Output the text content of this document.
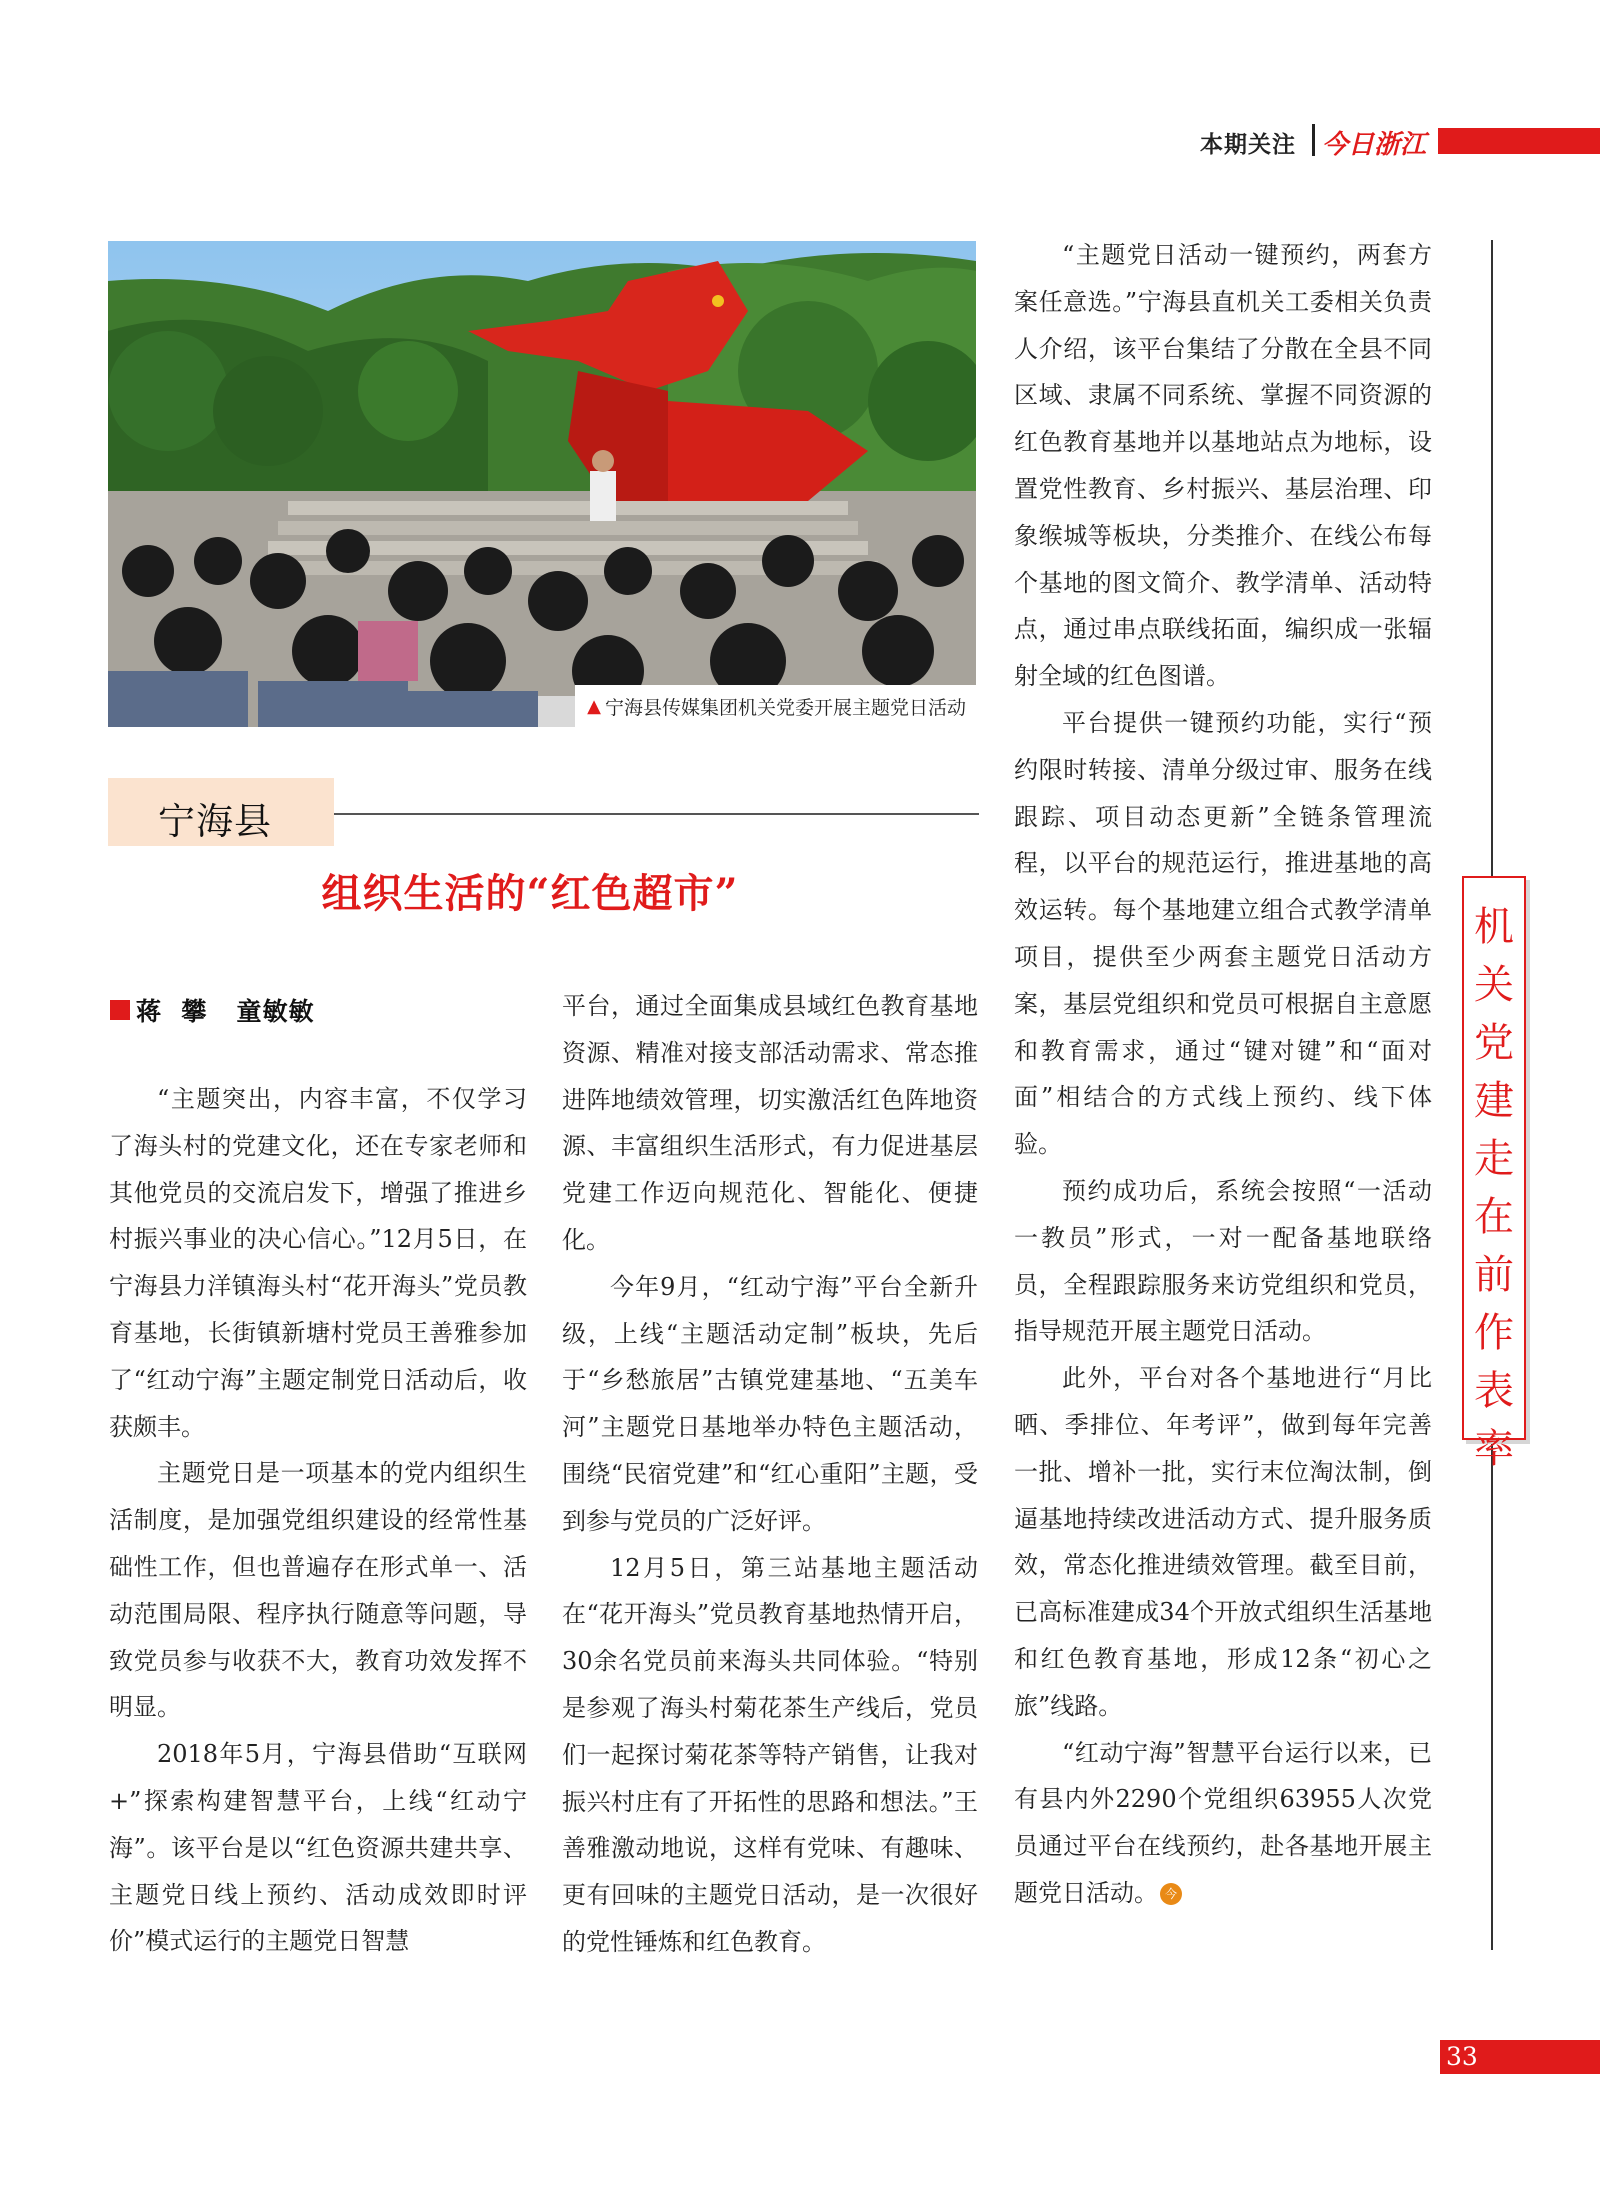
本期关注 今日浙江
▲ 宁海县传媒集团机关党委开展主题党日活动
宁海县
组织生活的“红色超市”
蒋  攀   童敏敏

“主题突出，内容丰富，不仅学习了海头村的党建文化，还在专家老师和其他党员的交流启发下，增强了推进乡村振兴事业的决心信心。”12月5日，在宁海县力洋镇海头村“花开海头”党员教育基地，长街镇新塘村党员王善雅参加了“红动宁海”主题定制党日活动后，收获颇丰。

主题党日是一项基本的党内组织生活制度，是加强党组织建设的经常性基础性工作，但也普遍存在形式单一、活动范围局限、程序执行随意等问题，导致党员参与收获不大，教育功效发挥不明显。

2018年5月，宁海县借助“互联网+”探索构建智慧平台，上线“红动宁海”。该平台是以“红色资源共建共享、主题党日线上预约、活动成效即时评价”模式运行的主题党日智慧

平台，通过全面集成县域红色教育基地资源、精准对接支部活动需求、常态推进阵地绩效管理，切实激活红色阵地资源、丰富组织生活形式，有力促进基层党建工作迈向规范化、智能化、便捷化。

今年9月，“红动宁海”平台全新升级，上线“主题活动定制”板块，先后于“乡愁旅居”古镇党建基地、“五美车河”主题党日基地举办特色主题活动，围绕“民宿党建”和“红心重阳”主题，受到参与党员的广泛好评。

12月5日，第三站基地主题活动在“花开海头”党员教育基地热情开启，30余名党员前来海头共同体验。“特别是参观了海头村菊花茶生产线后，党员们一起探讨菊花茶等特产销售，让我对振兴村庄有了开拓性的思路和想法。”王善雅激动地说，这样有党味、有趣味、更有回味的主题党日活动，是一次很好的党性锤炼和红色教育。

“主题党日活动一键预约，两套方案任意选。”宁海县直机关工委相关负责人介绍，该平台集结了分散在全县不同区域、隶属不同系统、掌握不同资源的红色教育基地并以基地站点为地标，设置党性教育、乡村振兴、基层治理、印象缑城等板块，分类推介、在线公布每个基地的图文简介、教学清单、活动特点，通过串点联线拓面，编织成一张辐射全域的红色图谱。

平台提供一键预约功能，实行“预约限时转接、清单分级过审、服务在线跟踪、项目动态更新”全链条管理流程，以平台的规范运行，推进基地的高效运转。每个基地建立组合式教学清单项目，提供至少两套主题党日活动方案，基层党组织和党员可根据自主意愿和教育需求，通过“键对键”和“面对面”相结合的方式线上预约、线下体验。

预约成功后，系统会按照“一活动一教员”形式，一对一配备基地联络员，全程跟踪服务来访党组织和党员，指导规范开展主题党日活动。

此外，平台对各个基地进行“月比晒、季排位、年考评”，做到每年完善一批、增补一批，实行末位淘汰制，倒逼基地持续改进活动方式、提升服务质效，常态化推进绩效管理。截至目前，已高标准建成34个开放式组织生活基地和红色教育基地，形成12条“初心之旅”线路。

“红动宁海”智慧平台运行以来，已有县内外2290个党组织63955人次党员通过平台在线预约，赴各基地开展主题党日活动。 今

机关党建走在前作表率
33
